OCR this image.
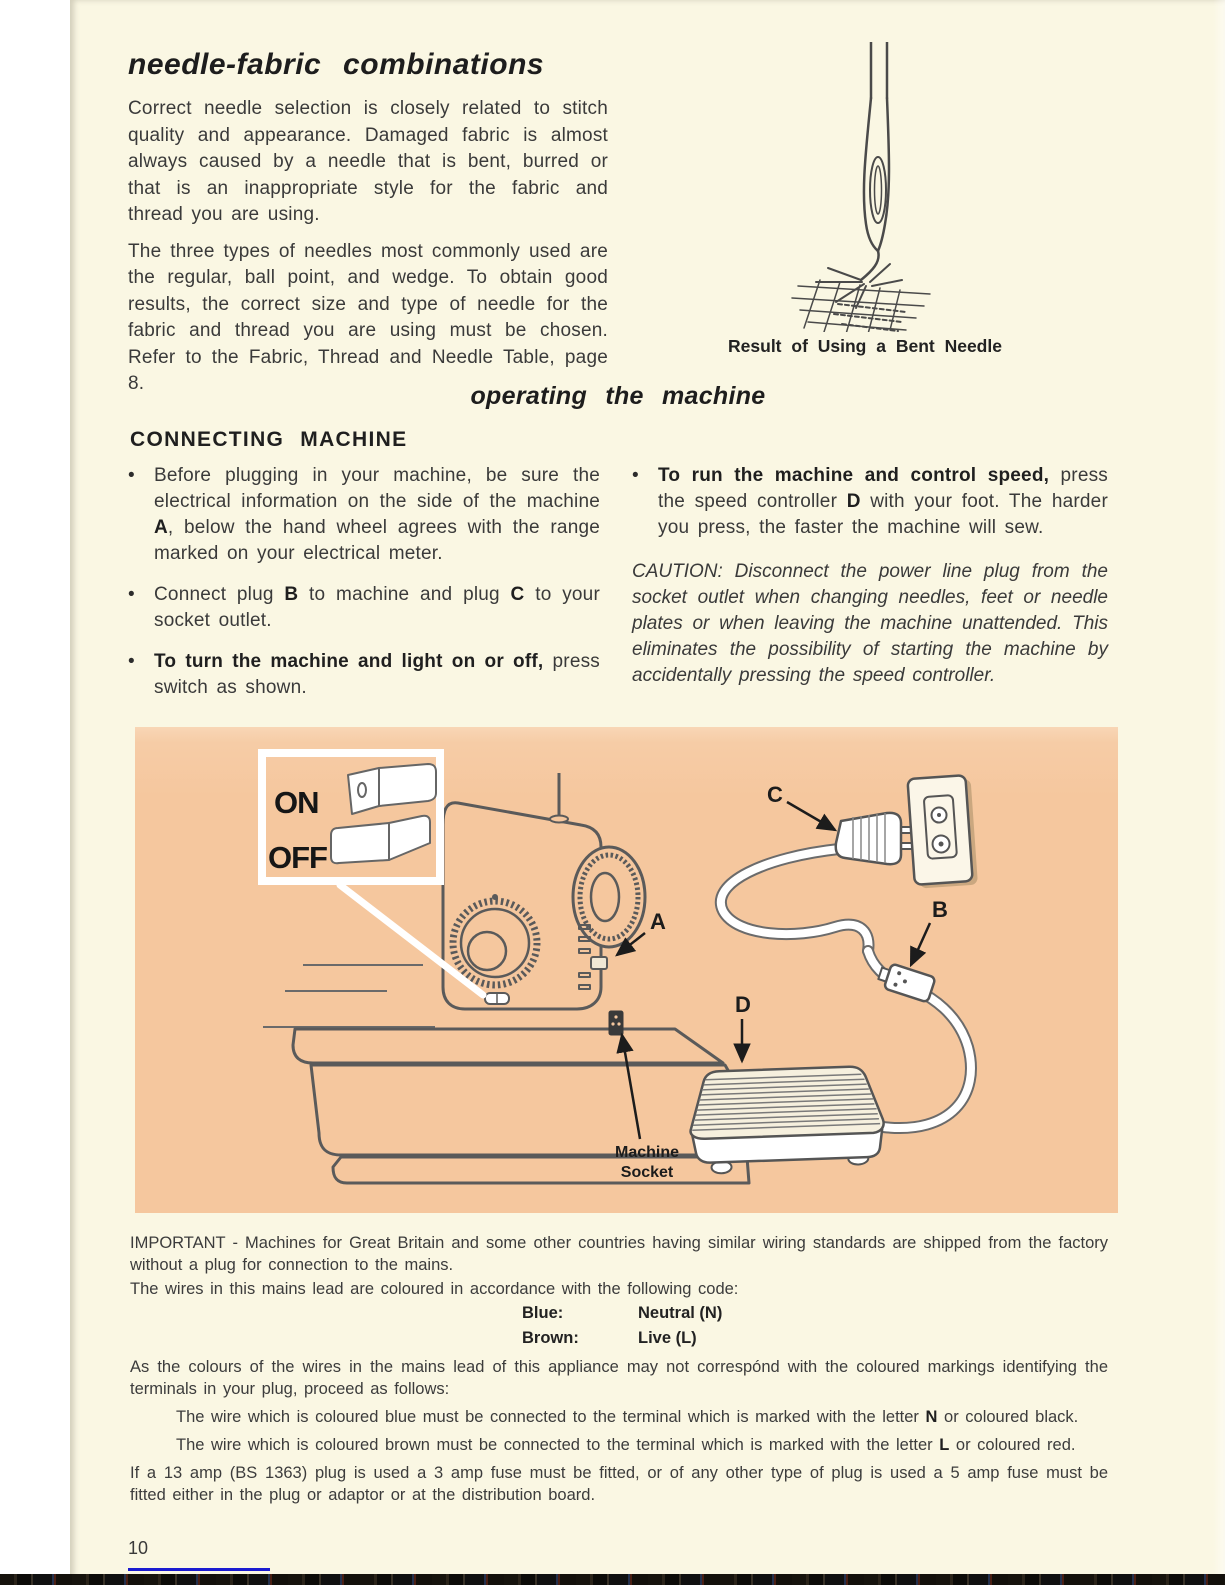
needle-fabric combinations

Correct needle selection is closely related to stitch quality and appearance. Damaged fabric is almost always caused by a needle that is bent, burred or that is an inappropriate style for the fabric and thread you are using.

The three types of needles most commonly used are the regular, ball point, and wedge. To obtain good results, the correct size and type of needle for the fabric and thread you are using must be chosen. Refer to the Fabric, Thread and Needle Table, page 8.

Result of Using a Bent Needle
operating the machine
CONNECTING MACHINE
•	Before plugging in your machine, be sure the electrical information on the side of the machine A, below the hand wheel agrees with the range marked on your electrical meter.

•	Connect plug B to machine and plug C to your socket outlet.

•	To turn the machine and light on or off, press switch as shown.

•	To run the machine and control speed, press the speed controller D with your foot. The harder you press, the faster the machine will sew.

CAUTION: Disconnect the power line plug from the socket outlet when changing needles, feet or needle plates or when leaving the machine unattended. This eliminates the possibility of starting the machine by accidentally pressing the speed controller.

ON
OFF
A
C
B
D
Machine
Socket

IMPORTANT - Machines for Great Britain and some other countries having similar wiring standards are shipped from the factory without a plug for connection to the mains.

The wires in this mains lead are coloured in accordance with the following code:

Blue:	Neutral (N)
Brown:	Live (L)

As the colours of the wires in the mains lead of this appliance may not correspónd with the coloured markings identifying the terminals in your plug, proceed as follows:

The wire which is coloured blue must be connected to the terminal which is marked with the letter N or coloured black.

The wire which is coloured brown must be connected to the terminal which is marked with the letter L or coloured red.

If a 13 amp (BS 1363) plug is used a 3 amp fuse must be fitted, or of any other type of plug is used a 5 amp fuse must be fitted either in the plug or adaptor or at the distribution board.

10
